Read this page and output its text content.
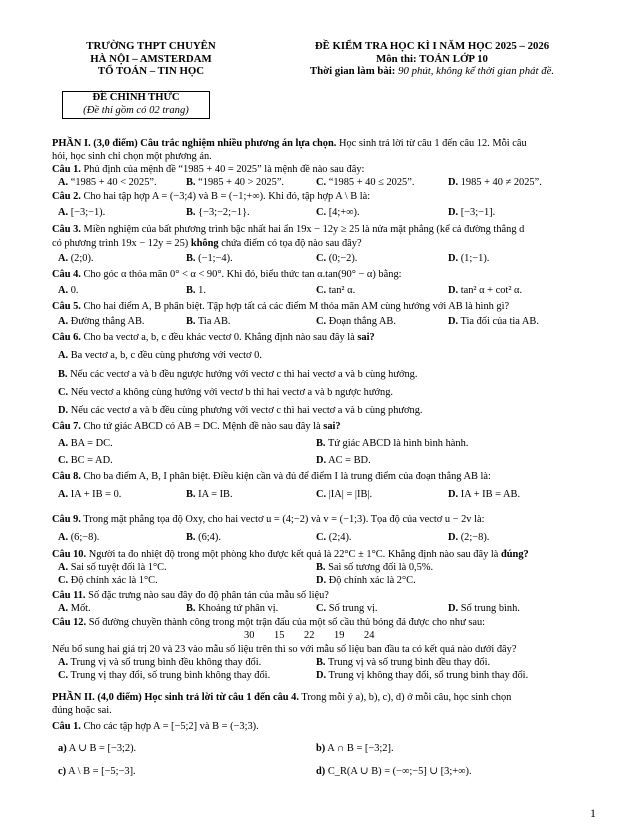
TRƯỜNG THPT CHUYÊN
HÀ NỘI – AMSTERDAM
TỔ TOÁN – TIN HỌC
ĐỀ KIỂM TRA HỌC KÌ I NĂM HỌC 2025 – 2026
Môn thi: TOÁN LỚP 10
Thời gian làm bài: 90 phút, không kể thời gian phát đề.
ĐỀ CHÍNH THỨC
(Đề thi gồm có 02 trang)
PHẦN I. (3,0 điểm) Câu trắc nghiệm nhiều phương án lựa chọn. Học sinh trả lời từ câu 1 đến câu 12. Mỗi câu
hỏi, học sinh chỉ chọn một phương án.
Câu 1. Phủ định của mệnh đề “1985 + 40 = 2025” là mệnh đề nào sau đây:
A. “1985 + 40 < 2025”.	B. “1985 + 40 > 2025”.	C. “1985 + 40 ≤ 2025”.	D. 1985 + 40 ≠ 2025”.
Câu 2. Cho hai tập hợp A = (−3;4) và B = (−1;+∞). Khi đó, tập hợp A \ B là:
A. [−3;−1).	B. {−3;−2;−1}.	C. [4;+∞).	D. [−3;−1].
Câu 3. Miền nghiệm của bất phương trình bậc nhất hai ẩn 19x − 12y ≥ 25 là nửa mặt phẳng (kể cả đường thẳng d
có phương trình 19x − 12y = 25) không chứa điểm có tọa độ nào sau đây?
A. (2;0).	B. (−1;−4).	C. (0;−2).	D. (1;−1).
Câu 4. Cho góc α thỏa mãn 0° < α < 90°. Khi đó, biểu thức tan α.tan(90° − α) bằng:
A. 0.	B. 1.	C. tan² α.	D. tan² α + cot² α.
Câu 5. Cho hai điểm A, B phân biệt. Tập hợp tất cả các điểm M thỏa mãn AM cùng hướng với AB là hình gì?
A. Đường thẳng AB.	B. Tia AB.	C. Đoạn thẳng AB.	D. Tia đối của tia AB.
Câu 6. Cho ba vectơ a, b, c đều khác vectơ 0. Khẳng định nào sau đây là sai?
A. Ba vectơ a, b, c đều cùng phương với vectơ 0.
B. Nếu các vectơ a và b đều ngược hướng với vectơ c thì hai vectơ a và b cùng hướng.
C. Nếu vectơ a không cùng hướng với vectơ b thì hai vectơ a và b ngược hướng.
D. Nếu các vectơ a và b đều cùng phương với vectơ c thì hai vectơ a và b cùng phương.
Câu 7. Cho tứ giác ABCD có AB = DC. Mệnh đề nào sau đây là sai?
A. BA = DC.	B. Tứ giác ABCD là hình bình hành.
C. BC = AD.	D. AC = BD.
Câu 8. Cho ba điểm A, B, I phân biệt. Điều kiện cần và đủ để điểm I là trung điểm của đoạn thẳng AB là:
A. IA + IB = 0.	B. IA = IB.	C. |IA| = |IB|.	D. IA + IB = AB.
Câu 9. Trong mặt phẳng tọa độ Oxy, cho hai vectơ u = (4;−2) và v = (−1;3). Tọa độ của vectơ u − 2v là:
A. (6;−8).	B. (6;4).	C. (2;4).	D. (2;−8).
Câu 10. Người ta đo nhiệt độ trong một phòng kho được kết quả là 22°C ± 1°C. Khẳng định nào sau đây là đúng?
A. Sai số tuyệt đối là 1°C.	B. Sai số tương đối là 0,5%.
C. Độ chính xác là 1°C.	D. Độ chính xác là 2°C.
Câu 11. Số đặc trưng nào sau đây đo độ phân tán của mẫu số liệu?
A. Mốt.	B. Khoảng tứ phân vị.	C. Số trung vị.	D. Số trung bình.
Câu 12. Số đường chuyền thành công trong một trận đấu của một số cầu thủ bóng đá được cho như sau:
30 15 22 19 24
Nếu bổ sung hai giá trị 20 và 23 vào mẫu số liệu trên thì so với mẫu số liệu ban đầu ta có kết quả nào dưới đây?
A. Trung vị và số trung bình đều không thay đổi.	B. Trung vị và số trung bình đều thay đổi.
C. Trung vị thay đổi, số trung bình không thay đổi.	D. Trung vị không thay đổi, số trung bình thay đổi.
PHẦN II. (4,0 điểm) Học sinh trả lời từ câu 1 đến câu 4. Trong mỗi ý a), b), c), d) ở mỗi câu, học sinh chọn
đúng hoặc sai.
Câu 1. Cho các tập hợp A = [−5;2] và B = (−3;3).
a) A ∪ B = [−3;2).	b) A ∩ B = [−3;2].
c) A \ B = [−5;−3].	d) C_R(A ∪ B) = (−∞;−5] ∪ [3;+∞).
1
